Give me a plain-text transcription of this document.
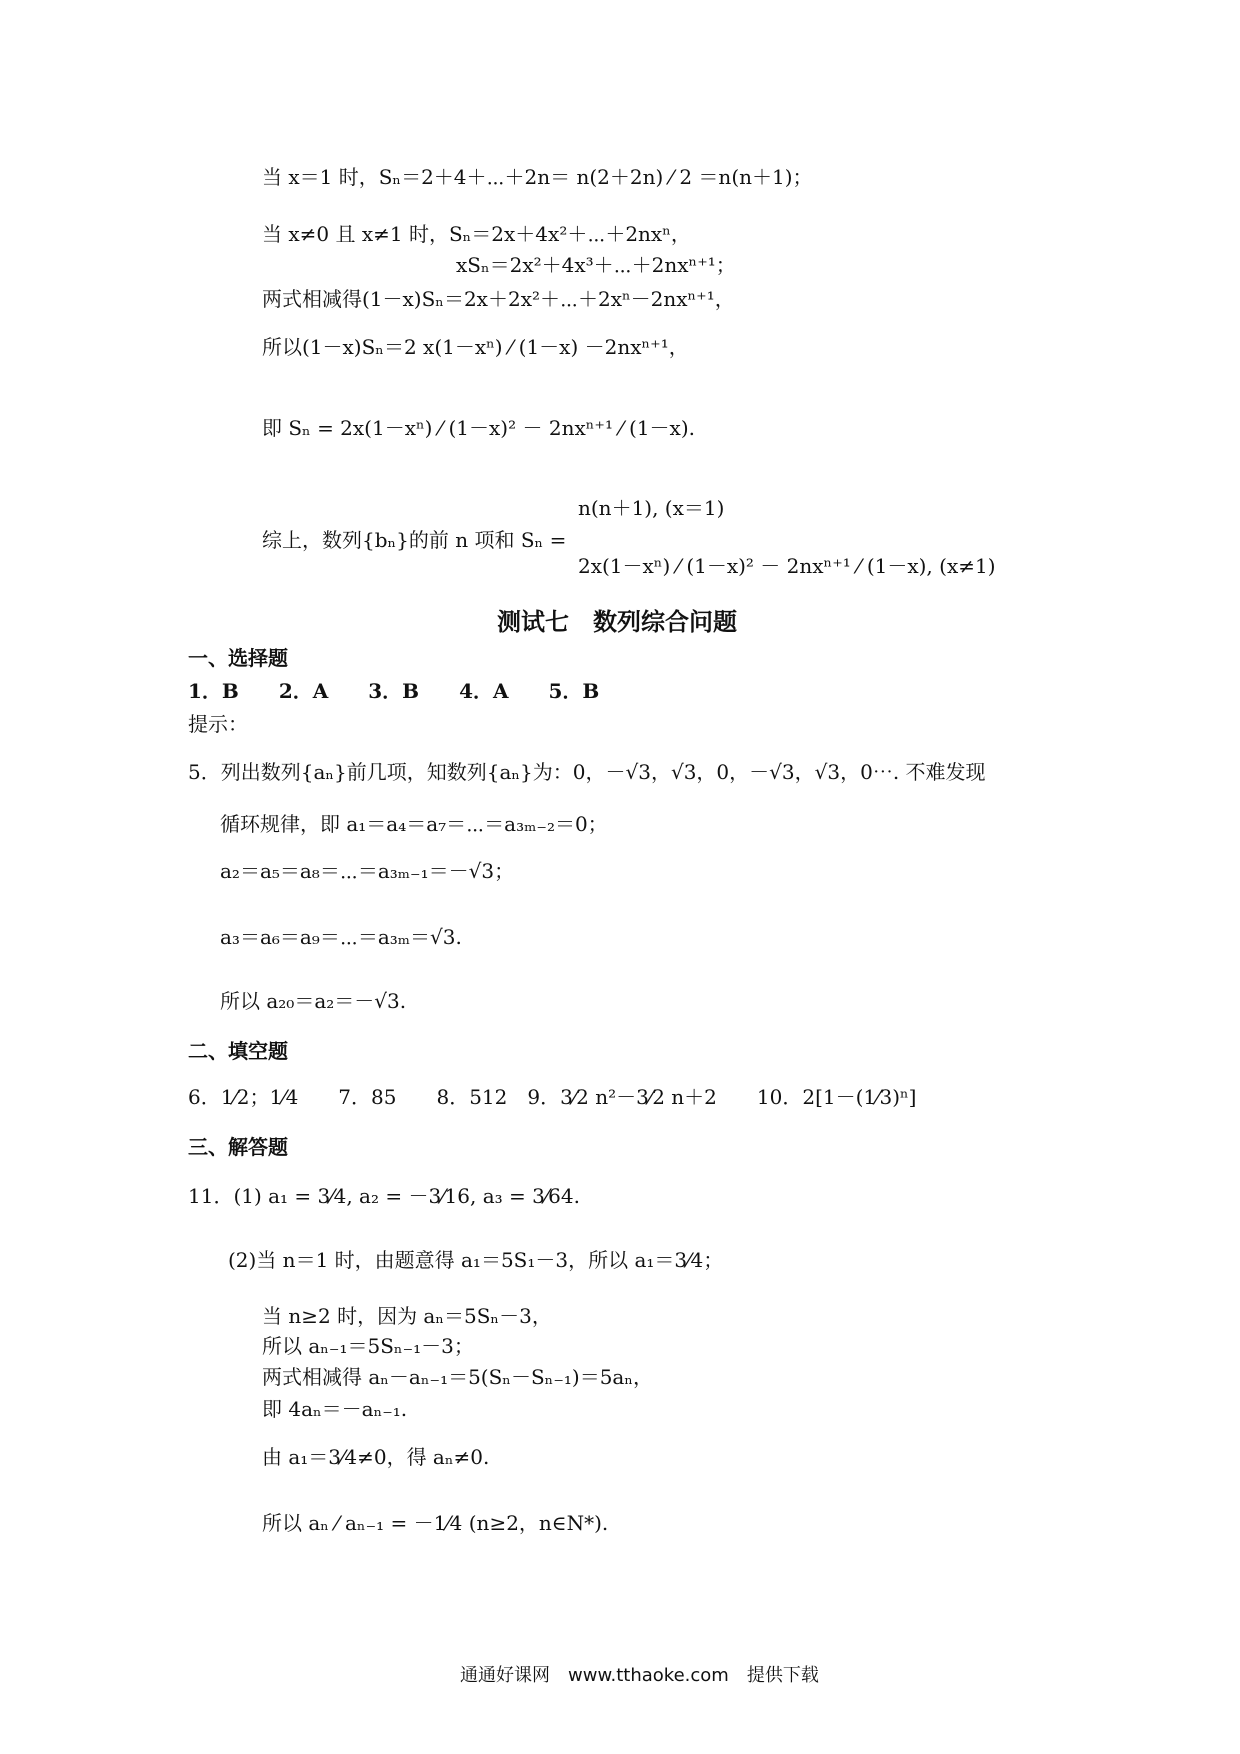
当 x＝1 时，Sₙ＝2＋4＋⋯＋2n＝ n(2＋2n) ⁄ 2 ＝n(n＋1)；
当 x≠0 且 x≠1 时，Sₙ＝2x＋4x²＋⋯＋2nxⁿ，
xSₙ＝2x²＋4x³＋⋯＋2nxⁿ⁺¹；
两式相减得(1－x)Sₙ＝2x＋2x²＋⋯＋2xⁿ－2nxⁿ⁺¹，
所以(1－x)Sₙ＝2 x(1－xⁿ) ⁄ (1－x) －2nxⁿ⁺¹，
即 Sₙ = 2x(1－xⁿ) ⁄ (1－x)² － 2nxⁿ⁺¹ ⁄ (1－x).
n(n＋1), (x＝1)
综上，数列{bₙ}的前 n 项和 Sₙ =
2x(1－xⁿ) ⁄ (1－x)² － 2nxⁿ⁺¹ ⁄ (1－x), (x≠1)
测试七　数列综合问题
一、选择题
1．B　　2．A　　3．B　　4．A　　5．B
提示：
5．列出数列{aₙ}前几项，知数列{aₙ}为：0，－√3，√3，0，－√3，√3，0⋯. 不难发现
循环规律，即 a₁＝a₄＝a₇＝⋯＝a₃ₘ₋₂＝0；
a₂＝a₅＝a₈＝⋯＝a₃ₘ₋₁＝－√3；
a₃＝a₆＝a₉＝⋯＝a₃ₘ＝√3.
所以 a₂₀＝a₂＝－√3.
二、填空题
6．1⁄2；1⁄4　　7．85　　8．512　9．3⁄2 n²－3⁄2 n＋2　　10．2[1－(1⁄3)ⁿ]
三、解答题
11．(1) a₁ = 3⁄4, a₂ = －3⁄16, a₃ = 3⁄64.
(2)当 n＝1 时，由题意得 a₁＝5S₁－3，所以 a₁＝3⁄4；
当 n≥2 时，因为 aₙ＝5Sₙ－3，
所以 aₙ₋₁＝5Sₙ₋₁－3；
两式相减得 aₙ－aₙ₋₁＝5(Sₙ－Sₙ₋₁)＝5aₙ，
即 4aₙ＝－aₙ₋₁.
由 a₁＝3⁄4≠0，得 aₙ≠0.
所以 aₙ ⁄ aₙ₋₁ = －1⁄4 (n≥2，n∈N*).
通通好课网　www.tthaoke.com　提供下载
